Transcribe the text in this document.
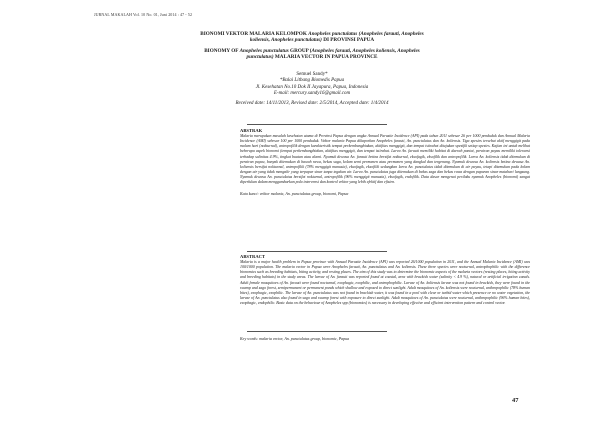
JURNAL MAKALAH Vol. 10 No. 01, Juni 2014 : 47 - 52

BIONOMI VEKTOR MALARIA KELOMPOK Anopheles punctulatus (Anopheles farauti, Anopheles
koliensis, Anopheles punctulatus) DI PROVINSI PAPUA

BIONOMY OF Anopheles punctulatus GROUP (Anopheles farauti, Anopheles koliensis, Anopheles
punctulatus) MALARIA VECTOR IN PAPUA PROVINCE

Semuel Sandy*
*Balai Litbang Biomedis Papua
Jl. Kesehatan No.10 Dok II Jayapura, Papua, Indonesia
E-mail: mercury.sandy16@gmail.com
Received date: 14/11/2013, Revised date: 2/5/2014, Accepted date: 1/4/2014

ABSTRAK

Malaria merupakan masalah kesehatan utama di Provinsi Papua dengan angka Annual Parasite Incidence (API) pada tahun 2011 sebesar 26 per 1000 penduduk dan Annual Malaria Incidence (AMI) sebesar 100 per 1000 penduduk. Vektor malaria Papua dikaporkan Anopheles farauti, An. punctulatus dan An. koliensis. Tiga spesies tersebut aktif menggigit pada malam hari (nokturnal), antropofilik dengan karakteristik tempat perkembangbiakan, aktifitas menggigit, dan tempat istirahat ditujukan spesifik setiap spesies. Kajian ini untuk melihat beberapa aspek bionomi (tempat perkembangbiakan, aktifitas menggigit, dan tempat istirahat. Larva An. farauti memiliki habitat di daerah pantai, perairan payau memiliki toleransi terhadap salinitas 4.9%, tingkat buatan atau alami. Nyamuk dewasa An. farauti betina bersifat nokturnal, eksofagik, eksofilik dan antropofilik. Larva An. koliensis tidak ditemukan di perairan payau, banyak ditemukan di bawah rawa, bekas saga, kolam semi permanen atau permanen yang dangkal dan tergenang. Nyamuk dewasa An. koliensis betina dewasa An. koliensis bersifat nokturnal, antropofilik (78% menggigit manusia), eksofagik, eksofilik sedangkan larva An. punctulatus tidak ditemukan di air payau, tetapi ditemukan pada kolam dengan air yang tidak mengalir yang terpapar sinar tanpa tegakan air. Larva An. punctulatus juga ditemukan di bekas saga dan bekas rawa dengan paparan sinar matahari langsung. Nyamuk dewasa An. punctulatus bersifat nokturnal, antropofilik (96% menggigit manusia), eksofagik, endofilik. Data dasar mengenai perilaku nyamuk Anopheles (bionomi) sangat diperlukan dalam menggambarkan pola intervensi dan kontrol vektor yang lebih efektif dan efisien.

Kata kunci: vektor malaria, An. punctulatus group, bionomi, Papua

ABSTRACT

Malaria is a major health problem in Papua province with Annual Parasite Incidence (API) was reported 26/1000 population in 2011, and the Annual Malaria Incidence (AMI) was 100/1000 population. The malaria vector in Papua were Anopheles farauti, An. punctulatus and An. koliensis. These three species were nocturnal, antrophophilic with the difference bionomics such as breeding habitats, biting activity, and resting places. The aim of this study was to determine the bionomic aspects of the malaria vectors (resting places, biting activity and breeding habitats) in the study areas. The larvae of An. farauti was reported found at coastal, area with brackish water (salinity < 4.9 %), natural or artificial irrigation canals. Adult female mosquitoes of An. farauti were found nocturnal, exophagic, exophilic, and antrophophilic. Larvae of An. koliensis larvae was not found in brackish, they were found in the swamp and sago forest, semipermanent or permanent ponds which shallow and exposed to direct sunlight. Adult mosquitoes of An. koliensis were nocturnal, anthropophilic (78% human bites), exophagic, exophilic. The larvae of An. punctulatus was not found in brackish water, it was found in a pool with clear or turbid water which presence or no water vegetation, the larvae of An. punctulatus also found in sago and swamp forest with exposure to direct sunlight. Adult mosquitoes of An. punctulatus were nocturnal, anthropophilic (96% human bites), exophagic, endophilic. Basic data on the behaviour of Anopheles spp (bionomics) is necessary in developing effective and efficient intervention pattern and control vector.

Key words: malaria vector, An. punctulatus group, bionomic, Papua

47
